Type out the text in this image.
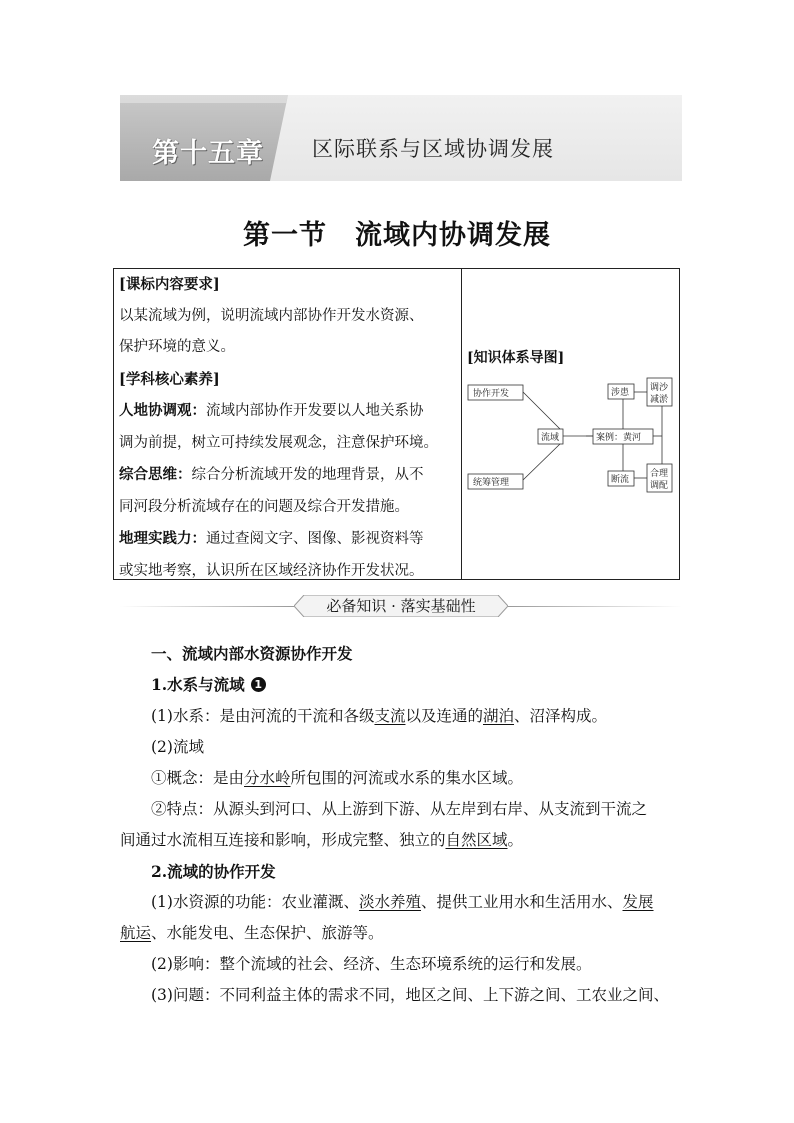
第十五章 区际联系与区域协调发展
第一节　流域内协调发展
[课标内容要求]
以某流域为例，说明流域内部协作开发水资源、
保护环境的意义。
[学科核心素养]
人地协调观：流域内部协作开发要以人地关系协
调为前提，树立可持续发展观念，注意保护环境。
综合思维：综合分析流域开发的地理背景，从不
同河段分析流域存在的问题及综合开发措施。
地理实践力：通过查阅文字、图像、影视资料等
或实地考察，认识所在区域经济协作开发状况。
[知识体系导图]
协作开发
统筹管理
流域	案例：黄河
涉患
断流
调沙
减淤
合理
调配
必备知识 · 落实基础性
一、流域内部水资源协作开发
1.水系与流域 1
(1)水系：是由河流的干流和各级支流以及连通的湖泊、沼泽构成。
(2)流域
①概念：是由分水岭所包围的河流或水系的集水区域。
②特点：从源头到河口、从上游到下游、从左岸到右岸、从支流到干流之
间通过水流相互连接和影响，形成完整、独立的自然区域。
2.流域的协作开发
(1)水资源的功能：农业灌溉、淡水养殖、提供工业用水和生活用水、发展
航运、水能发电、生态保护、旅游等。
(2)影响：整个流域的社会、经济、生态环境系统的运行和发展。
(3)问题：不同利益主体的需求不同，地区之间、上下游之间、工农业之间、
